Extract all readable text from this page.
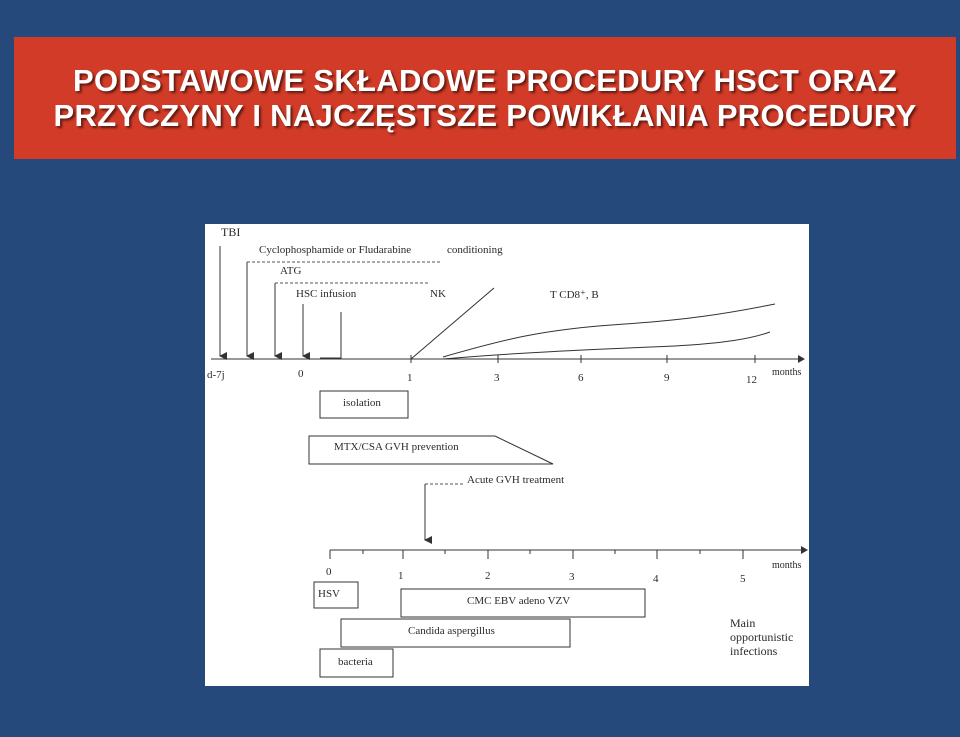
PODSTAWOWE SKŁADOWE PROCEDURY HSCT ORAZ
PRZYCZYNY I NAJCZĘSTSZE POWIKŁANIA PROCEDURY
TBI
Cyclophosphamide or Fludarabine	conditioning
ATG
HSC infusion	NK	T CD8⁺, B
d-7j	0	1	3	6	9	12
months
isolation
MTX/CSA GVH prevention
Acute GVH treatment
0	1	2	3	4	5
months
HSV
CMC EBV adeno VZV
Candida aspergillus
bacteria
Main
opportunistic
infections
